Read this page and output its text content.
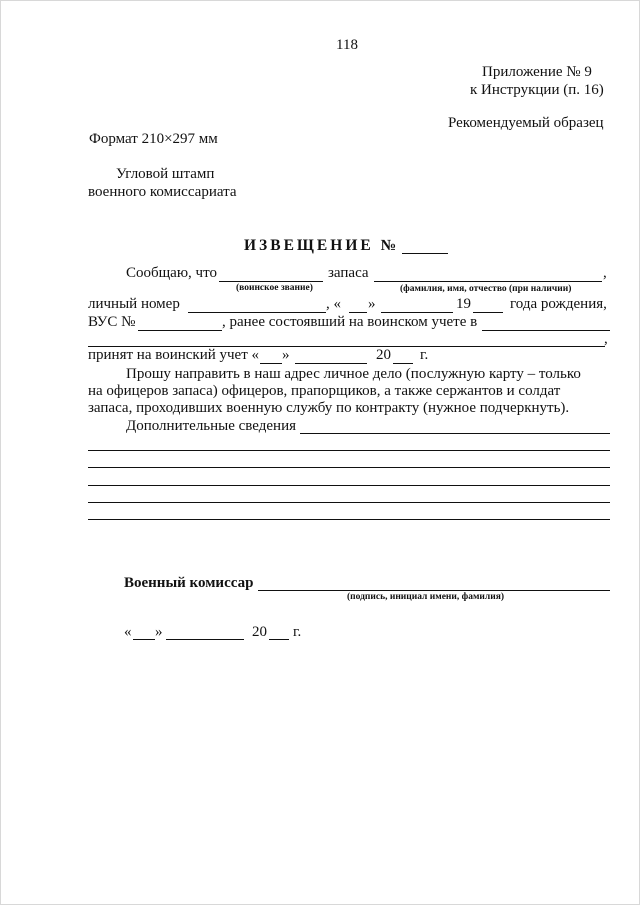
118
Приложение № 9
к Инструкции (п. 16)
Рекомендуемый образец
Формат 210×297 мм
Угловой штамп
военного комиссариата
ИЗВЕЩЕНИЕ №
Сообщаю, что	запаса	,
(воинское звание)	(фамилия, имя, отчество (при наличии)
личный номер	, « »	19	года рождения,
ВУС №	, ранее состоявший на воинском учете в
,
принят на воинский учет « »	20 г.
Прошу направить в наш адрес личное дело (послужную карту – только
на офицеров запаса) офицеров, прапорщиков, а также сержантов и солдат
запаса, проходивших военную службу по контракту (нужное подчеркнуть).
Дополнительные сведения
Военный комиссар
(подпись, инициал имени, фамилия)
« »	20 г.
